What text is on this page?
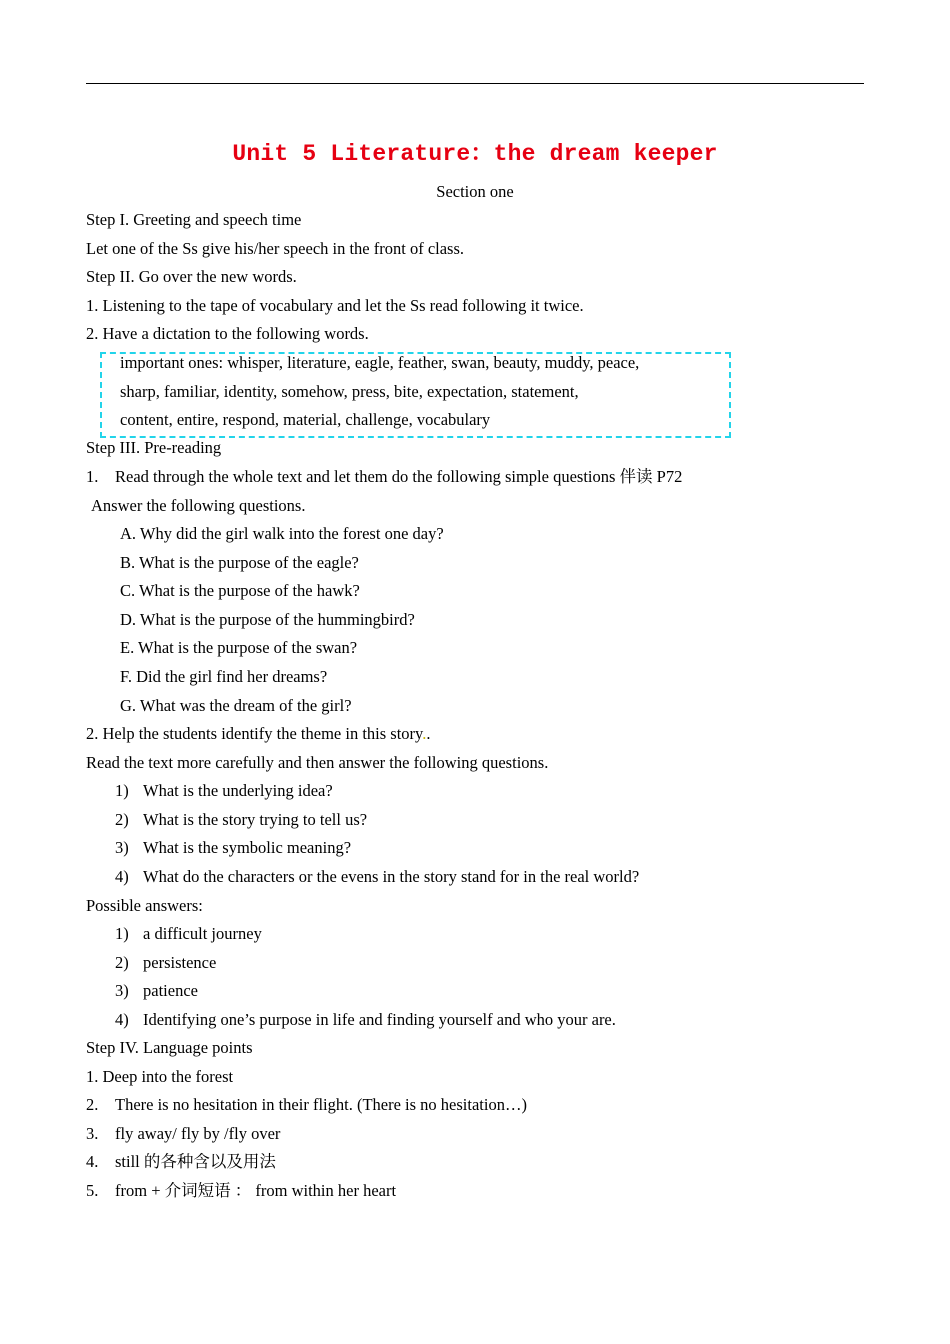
Unit 5 Literature：the dream keeper
Section one
Step I. Greeting and speech time
Let one of the Ss give his/her speech in the front of class.
Step II. Go over the new words.
1. Listening to the tape of vocabulary and let the Ss read following it twice.
2. Have a dictation to the following words.
important ones: whisper, literature, eagle, feather, swan, beauty, muddy, peace,
sharp, familiar, identity, somehow, press, bite, expectation, statement,
content, entire, respond, material, challenge, vocabulary
Step III. Pre-reading
1. Read through the whole text and let them do the following simple questions 伴读 P72
Answer the following questions.
A. Why did the girl walk into the forest one day?
B. What is the purpose of the eagle?
C. What is the purpose of the hawk?
D. What is the purpose of the hummingbird?
E. What is the purpose of the swan?
F. Did the girl find her dreams?
G. What was the dream of the girl?
2. Help the students identify the theme in this story..
Read the text more carefully and then answer the following questions.
1) What is the underlying idea?
2) What is the story trying to tell us?
3) What is the symbolic meaning?
4) What do the characters or the evens in the story stand for in the real world?
Possible answers:
1) a difficult journey
2) persistence
3) patience
4) Identifying one’s purpose in life and finding yourself and who your are.
Step IV. Language points
1. Deep into the forest
2. There is no hesitation in their flight. (There is no hesitation…)
3. fly away/ fly by /fly over
4. still 的各种含以及用法
5. from + 介词短语 ： from within her heart
